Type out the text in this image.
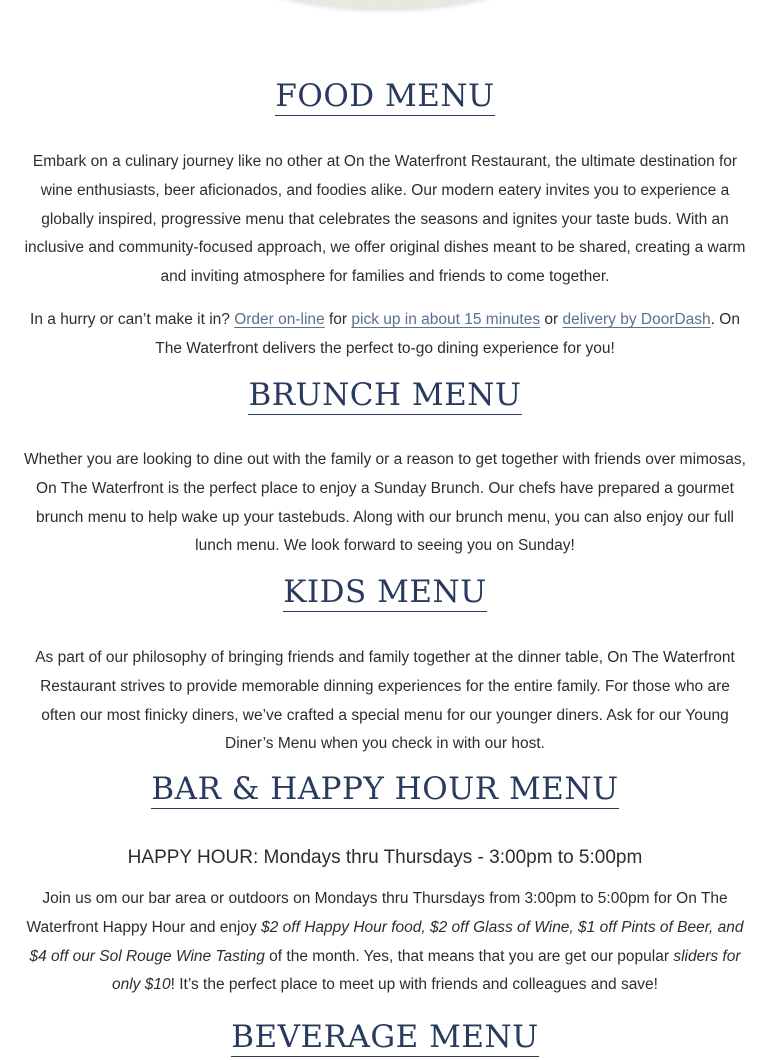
FOOD MENU

Embark on a culinary journey like no other at On the Waterfront Restaurant, the ultimate destination for wine enthusiasts, beer aficionados, and foodies alike. Our modern eatery invites you to experience a globally inspired, progressive menu that celebrates the seasons and ignites your taste buds. With an inclusive and community-focused approach, we offer original dishes meant to be shared, creating a warm and inviting atmosphere for families and friends to come together.

In a hurry or can’t make it in? Order on-line for pick up in about 15 minutes or delivery by DoorDash. On The Waterfront delivers the perfect to-go dining experience for you!

BRUNCH MENU

Whether you are looking to dine out with the family or a reason to get together with friends over mimosas, On The Waterfront is the perfect place to enjoy a Sunday Brunch. Our chefs have prepared a gourmet brunch menu to help wake up your tastebuds. Along with our brunch menu, you can also enjoy our full lunch menu. We look forward to seeing you on Sunday!

KIDS MENU

As part of our philosophy of bringing friends and family together at the dinner table, On The Waterfront Restaurant strives to provide memorable dinning experiences for the entire family. For those who are often our most finicky diners, we’ve crafted a special menu for our younger diners. Ask for our Young Diner’s Menu when you check in with our host.

BAR & HAPPY HOUR MENU

HAPPY HOUR: Mondays thru Thursdays - 3:00pm to 5:00pm

Join us om our bar area or outdoors on Mondays thru Thursdays from 3:00pm to 5:00pm for On The Waterfront Happy Hour and enjoy $2 off Happy Hour food, $2 off Glass of Wine, $1 off Pints of Beer, and $4 off our Sol Rouge Wine Tasting of the month. Yes, that means that you are get our popular sliders for only $10! It’s the perfect place to meet up with friends and colleagues and save!

BEVERAGE MENU
